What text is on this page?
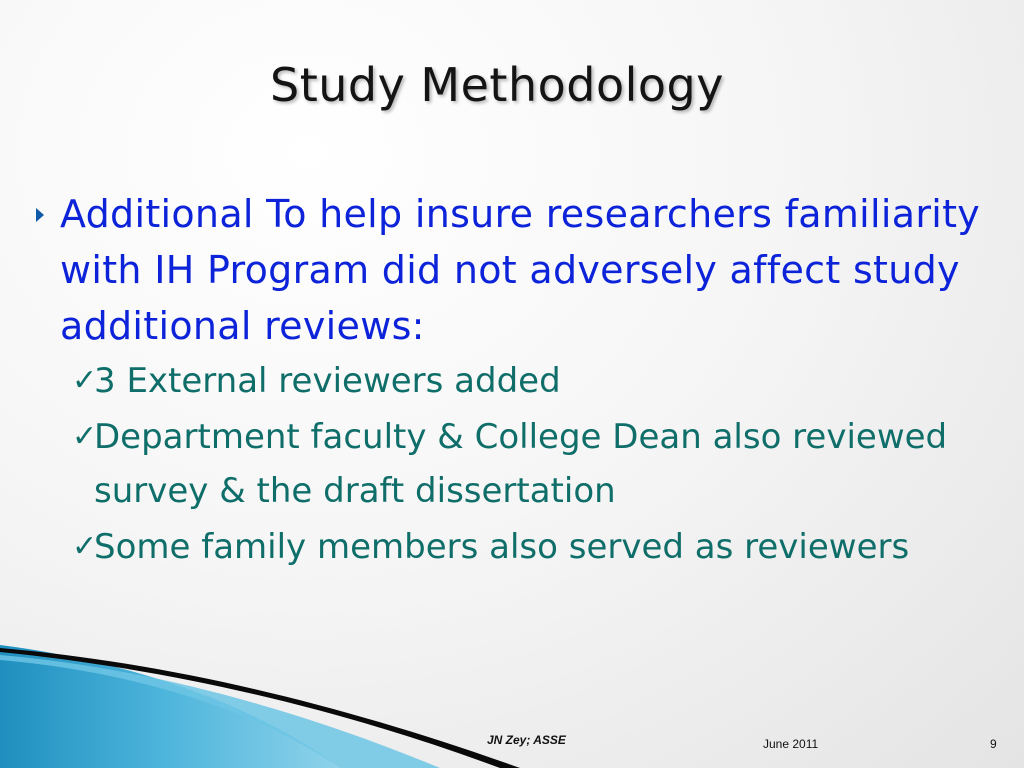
Study Methodology
Additional To help insure researchers familiarity with IH Program did not adversely affect study additional reviews:
✓
3 External reviewers added
✓
Department faculty & College Dean also reviewed survey & the draft dissertation
✓
Some family members also served as reviewers
JN Zey; ASSE	June 2011	9
